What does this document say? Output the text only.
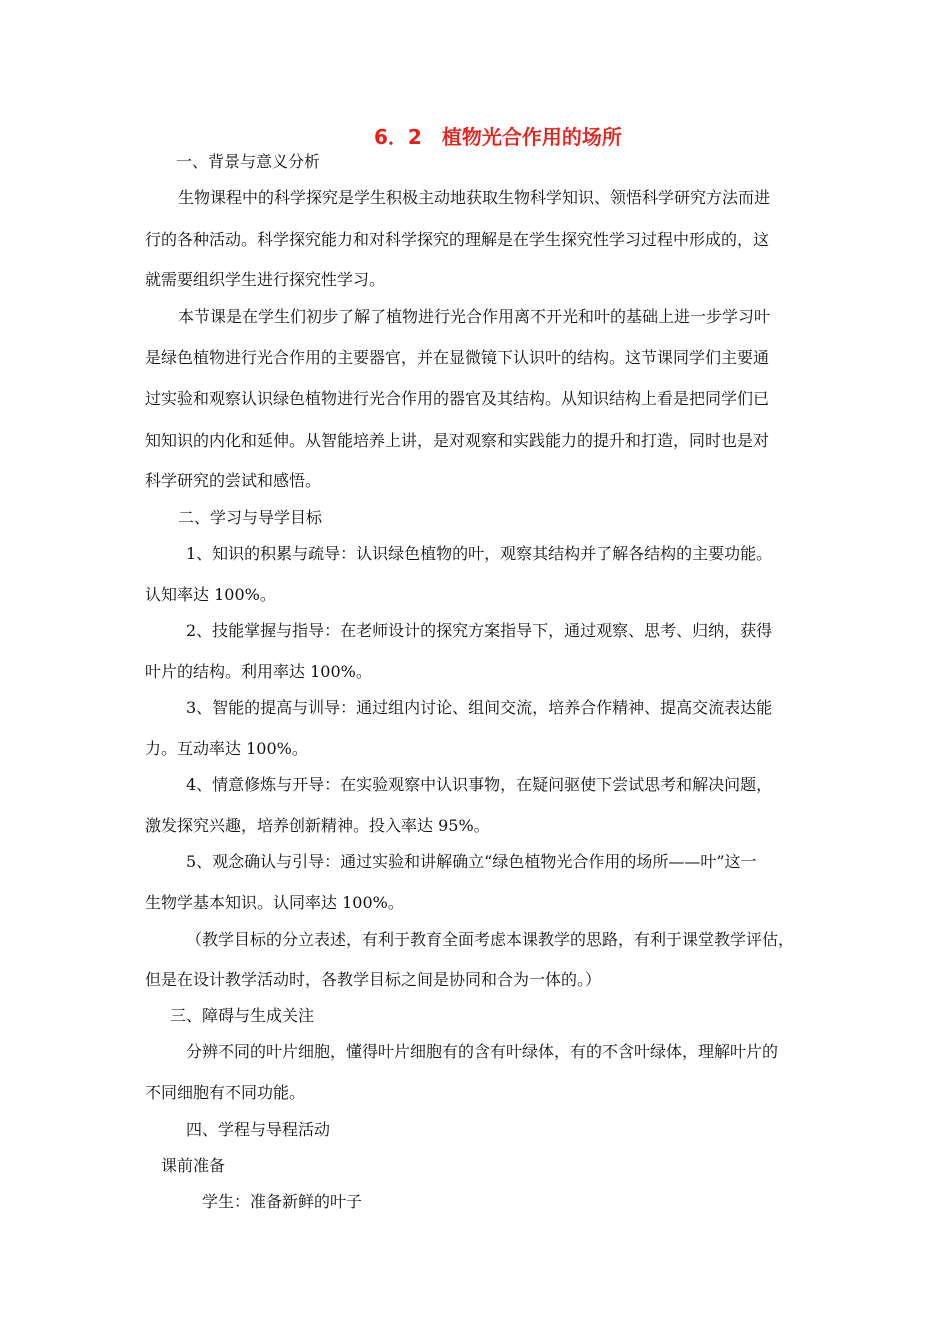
6．2　植物光合作用的场所

一、背景与意义分析

生物课程中的科学探究是学生积极主动地获取生物科学知识、领悟科学研究方法而进

行的各种活动。科学探究能力和对科学探究的理解是在学生探究性学习过程中形成的，这

就需要组织学生进行探究性学习。

本节课是在学生们初步了解了植物进行光合作用离不开光和叶的基础上进一步学习叶

是绿色植物进行光合作用的主要器官，并在显微镜下认识叶的结构。这节课同学们主要通

过实验和观察认识绿色植物进行光合作用的器官及其结构。从知识结构上看是把同学们已

知知识的内化和延伸。从智能培养上讲，是对观察和实践能力的提升和打造，同时也是对

科学研究的尝试和感悟。

二、学习与导学目标

1、知识的积累与疏导：认识绿色植物的叶，观察其结构并了解各结构的主要功能。

认知率达 100%。

2、技能掌握与指导：在老师设计的探究方案指导下，通过观察、思考、归纳，获得

叶片的结构。利用率达 100%。

3、智能的提高与训导：通过组内讨论、组间交流，培养合作精神、提高交流表达能

力。互动率达 100%。

4、情意修炼与开导：在实验观察中认识事物，在疑问驱使下尝试思考和解决问题，

激发探究兴趣，培养创新精神。投入率达 95%。

5、观念确认与引导：通过实验和讲解确立“绿色植物光合作用的场所——叶”这一

生物学基本知识。认同率达 100%。

（教学目标的分立表述，有利于教育全面考虑本课教学的思路，有利于课堂教学评估，

但是在设计教学活动时，各教学目标之间是协同和合为一体的。）

三、障碍与生成关注

分辨不同的叶片细胞，懂得叶片细胞有的含有叶绿体，有的不含叶绿体，理解叶片的

不同细胞有不同功能。

四、学程与导程活动

课前准备

学生：准备新鲜的叶子
